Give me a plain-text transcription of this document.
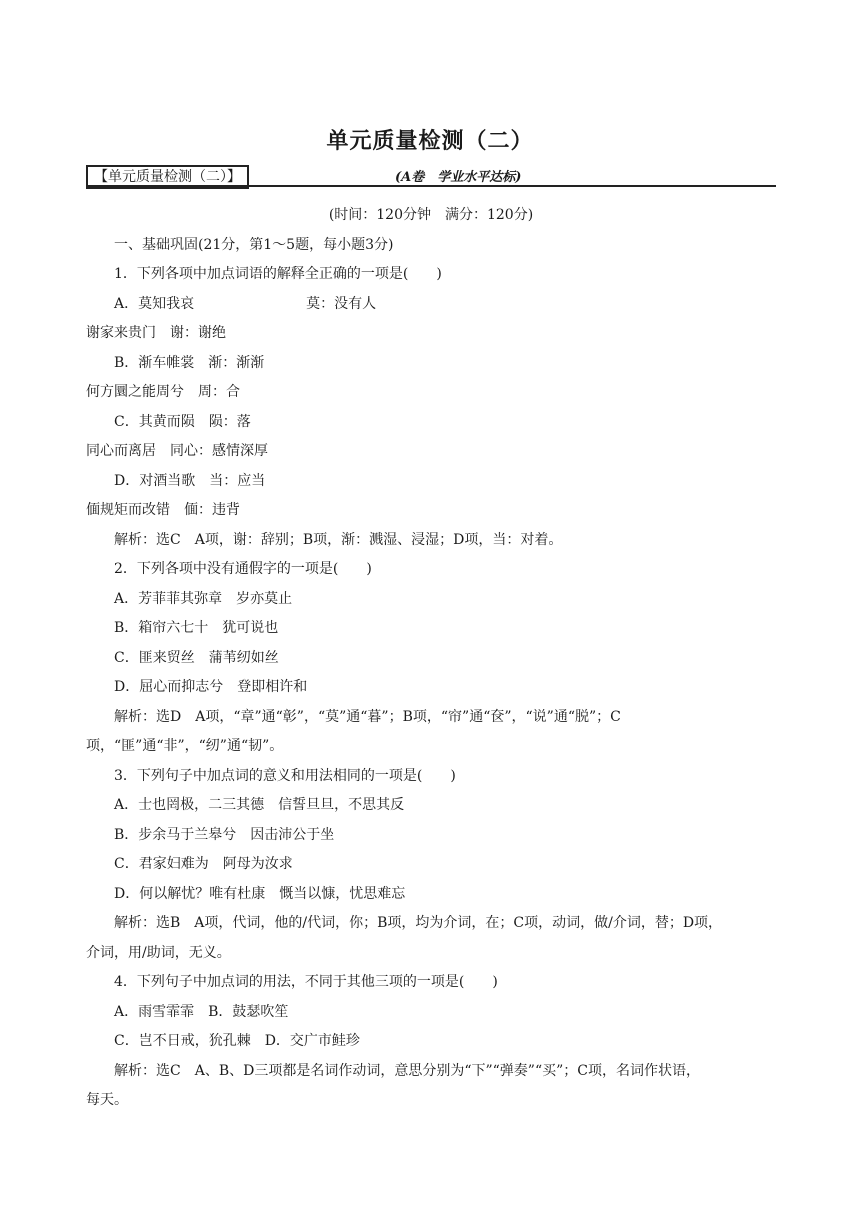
单元质量检测（二）
【单元质量检测（二）】	(A卷　学业水平达标)
(时间：120分钟　满分：120分)
一、基础巩固(21分，第1～5题，每小题3分)
1．下列各项中加点词语的解释全正确的一项是(　　)
A．莫知我哀	莫：没有人
谢家来贵门　谢：谢绝
B．渐车帷裳　渐：渐渐
何方圜之能周兮　周：合
C．其黄而陨　陨：落
同心而离居　同心：感情深厚
D．对酒当歌　当：应当
偭规矩而改错　偭：违背
解析：选C　A项，谢：辞别；B项，渐：溅湿、浸湿；D项，当：对着。
2．下列各项中没有通假字的一项是(　　)
A．芳菲菲其弥章　岁亦莫止
B．箱帘六七十　犹可说也
C．匪来贸丝　蒲苇纫如丝
D．屈心而抑志兮　登即相许和
解析：选D　A项，“章”通“彰”，“莫”通“暮”；B项，“帘”通“奁”，“说”通“脱”；C
项，“匪”通“非”，“纫”通“韧”。
3．下列句子中加点词的意义和用法相同的一项是(　　)
A．士也罔极，二三其德　信誓旦旦，不思其反
B．步余马于兰皋兮　因击沛公于坐
C．君家妇难为　阿母为汝求
D．何以解忧？唯有杜康　慨当以慷，忧思难忘
解析：选B　A项，代词，他的/代词，你；B项，均为介词，在；C项，动词，做/介词，替；D项，
介词，用/助词，无义。
4．下列句子中加点词的用法，不同于其他三项的一项是(　　)
A．雨雪霏霏　B．鼓瑟吹笙
C．岂不日戒，狁孔棘　D．交广市鲑珍
解析：选C　A、B、D三项都是名词作动词，意思分别为“下”“弹奏”“买”；C项，名词作状语，
每天。
